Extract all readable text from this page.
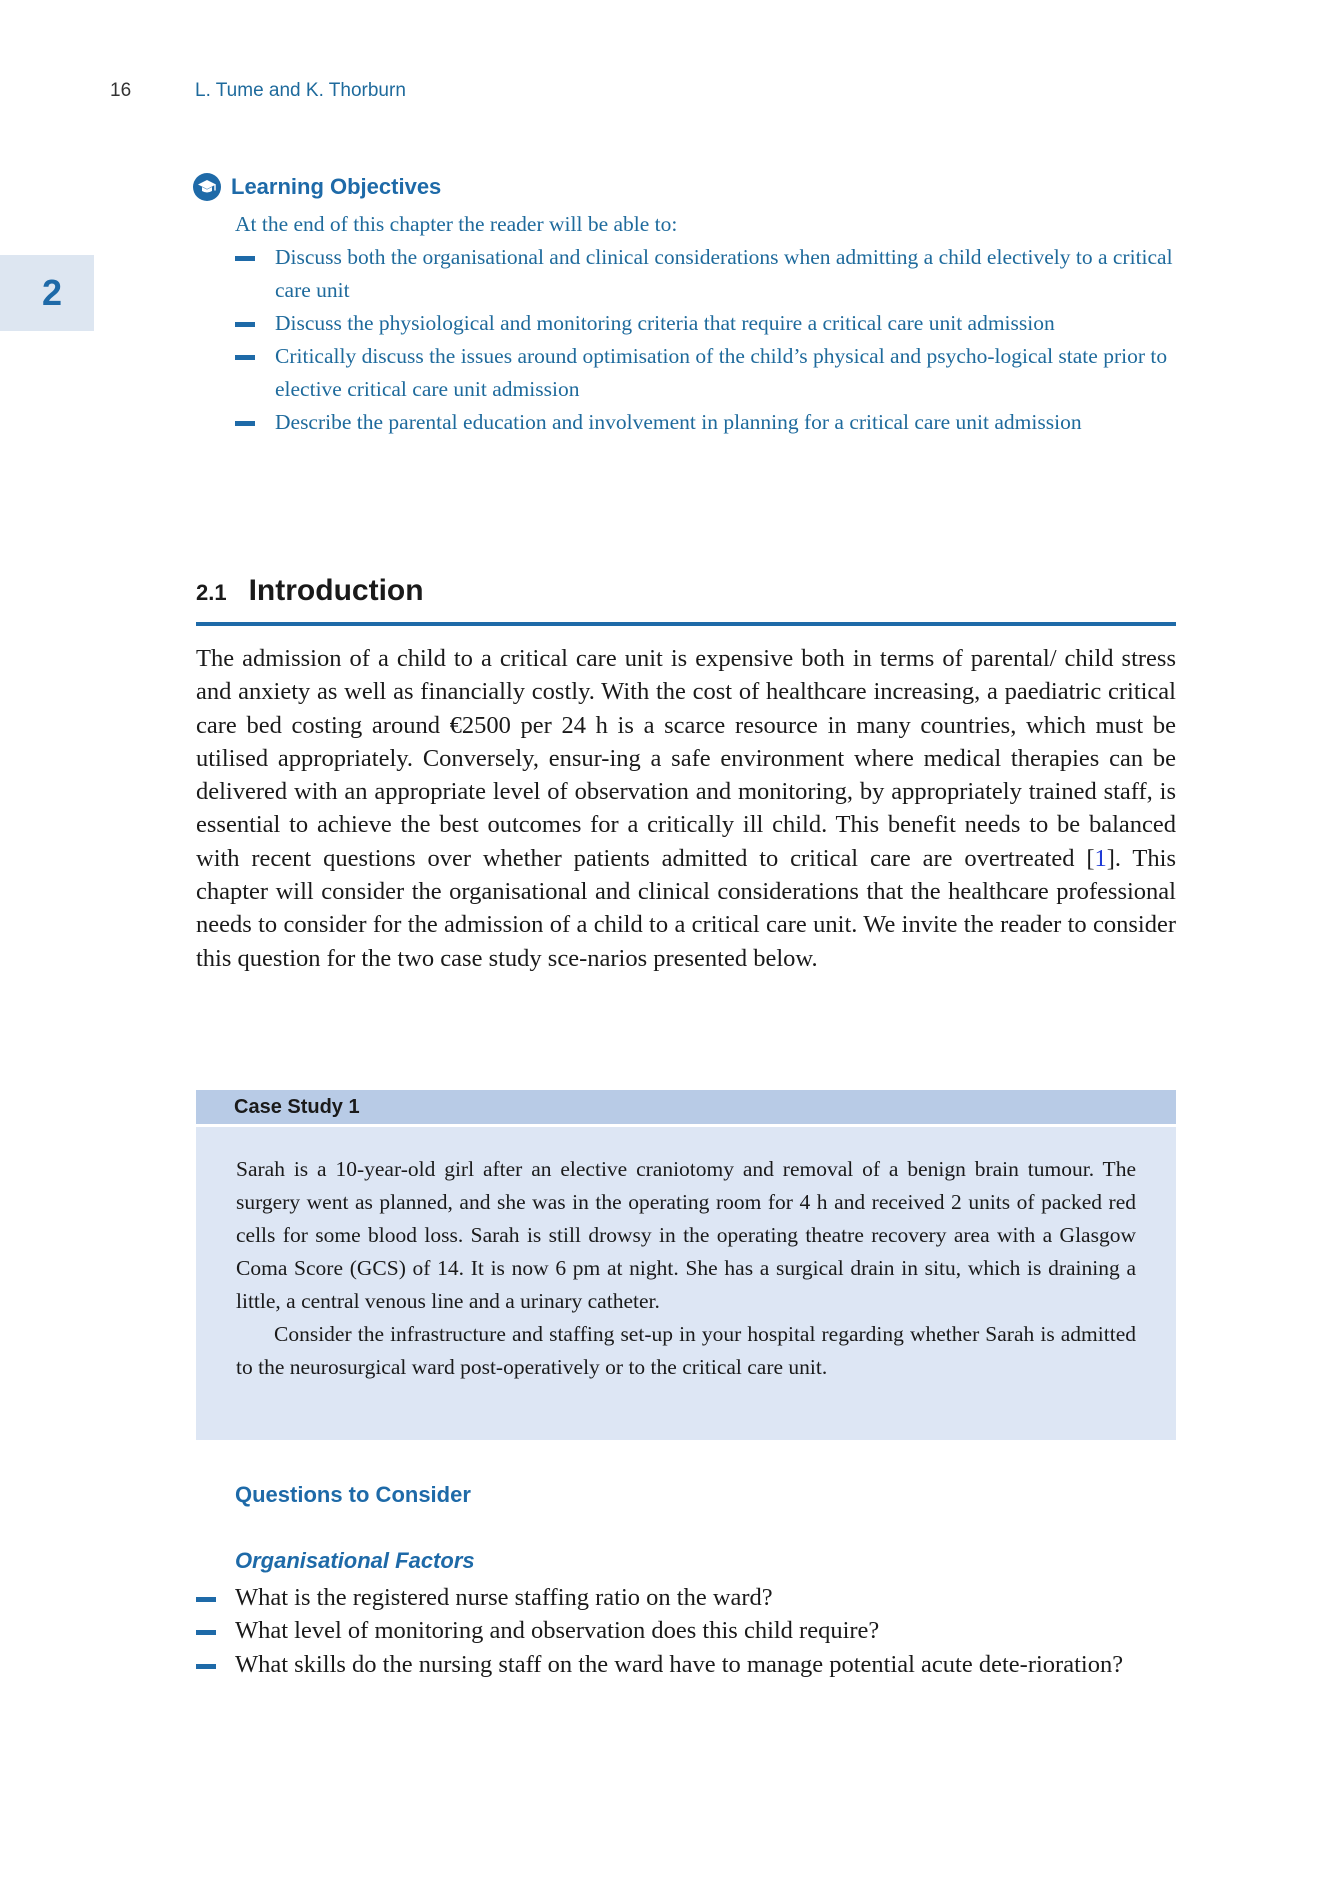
16	L. Tume and K. Thorburn
2
Learning Objectives
At the end of this chapter the reader will be able to:
Discuss both the organisational and clinical considerations when admitting a child electively to a critical care unit
Discuss the physiological and monitoring criteria that require a critical care unit admission
Critically discuss the issues around optimisation of the child’s physical and psycho-logical state prior to elective critical care unit admission
Describe the parental education and involvement in planning for a critical care unit admission
2.1 Introduction

The admission of a child to a critical care unit is expensive both in terms of parental/ child stress and anxiety as well as financially costly. With the cost of healthcare increasing, a paediatric critical care bed costing around €2500 per 24 h is a scarce resource in many countries, which must be utilised appropriately. Conversely, ensur-ing a safe environment where medical therapies can be delivered with an appropriate level of observation and monitoring, by appropriately trained staff, is essential to achieve the best outcomes for a critically ill child. This benefit needs to be balanced with recent questions over whether patients admitted to critical care are overtreated [1]. This chapter will consider the organisational and clinical considerations that the healthcare professional needs to consider for the admission of a child to a critical care unit. We invite the reader to consider this question for the two case study sce-narios presented below.

Case Study 1

Sarah is a 10-year-old girl after an elective craniotomy and removal of a benign brain tumour. The surgery went as planned, and she was in the operating room for 4 h and received 2 units of packed red cells for some blood loss. Sarah is still drowsy in the operating theatre recovery area with a Glasgow Coma Score (GCS) of 14. It is now 6 pm at night. She has a surgical drain in situ, which is draining a little, a central venous line and a urinary catheter.

Consider the infrastructure and staffing set-up in your hospital regarding whether Sarah is admitted to the neurosurgical ward post-operatively or to the critical care unit.

Questions to Consider
Organisational Factors
What is the registered nurse staffing ratio on the ward?
What level of monitoring and observation does this child require?
What skills do the nursing staff on the ward have to manage potential acute dete-rioration?
